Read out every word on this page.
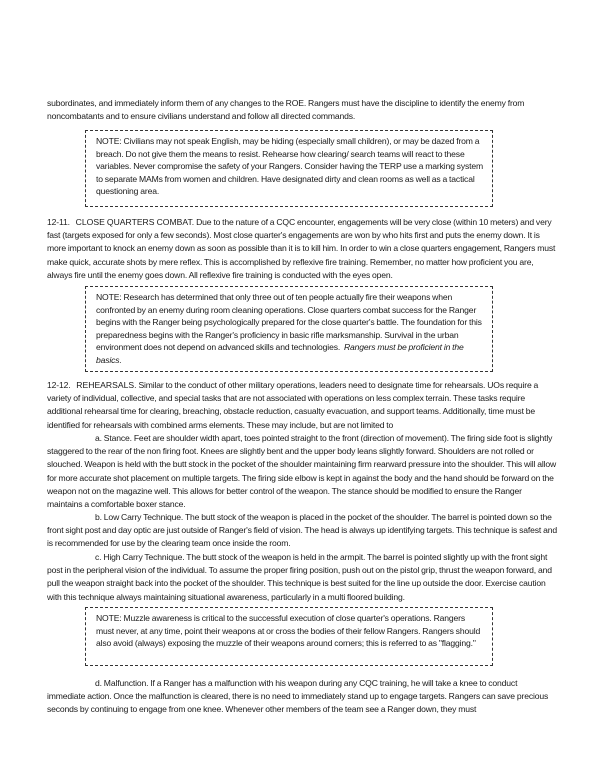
subordinates, and immediately inform them of any changes to the ROE. Rangers must have the discipline to identify the enemy from noncombatants and to ensure civilians understand and follow all directed commands.
NOTE: Civilians may not speak English, may be hiding (especially small children), or may be dazed from a breach. Do not give them the means to resist. Rehearse how clearing/ search teams will react to these variables. Never compromise the safety of your Rangers. Consider having the TERP use a marking system to separate MAMs from women and children. Have designated dirty and clean rooms as well as a tactical questioning area.
12-11. CLOSE QUARTERS COMBAT. Due to the nature of a CQC encounter, engagements will be very close (within 10 meters) and very fast (targets exposed for only a few seconds). Most close quarter's engagements are won by who hits first and puts the enemy down. It is more important to knock an enemy down as soon as possible than it is to kill him. In order to win a close quarters engagement, Rangers must make quick, accurate shots by mere reflex. This is accomplished by reflexive fire training. Remember, no matter how proficient you are, always fire until the enemy goes down. All reflexive fire training is conducted with the eyes open.
NOTE: Research has determined that only three out of ten people actually fire their weapons when confronted by an enemy during room cleaning operations. Close quarters combat success for the Ranger begins with the Ranger being psychologically prepared for the close quarter's battle. The foundation for this preparedness begins with the Ranger's proficiency in basic rifle marksmanship. Survival in the urban environment does not depend on advanced skills and technologies. Rangers must be proficient in the basics.
12-12. REHEARSALS. Similar to the conduct of other military operations, leaders need to designate time for rehearsals. UOs require a variety of individual, collective, and special tasks that are not associated with operations on less complex terrain. These tasks require additional rehearsal time for clearing, breaching, obstacle reduction, casualty evacuation, and support teams. Additionally, time must be identified for rehearsals with combined arms elements. These may include, but are not limited to
a. Stance. Feet are shoulder width apart, toes pointed straight to the front (direction of movement). The firing side foot is slightly staggered to the rear of the non firing foot. Knees are slightly bent and the upper body leans slightly forward. Shoulders are not rolled or slouched. Weapon is held with the butt stock in the pocket of the shoulder maintaining firm rearward pressure into the shoulder. This will allow for more accurate shot placement on multiple targets. The firing side elbow is kept in against the body and the hand should be forward on the weapon not on the magazine well. This allows for better control of the weapon. The stance should be modified to ensure the Ranger maintains a comfortable boxer stance.
b. Low Carry Technique. The butt stock of the weapon is placed in the pocket of the shoulder. The barrel is pointed down so the front sight post and day optic are just outside of Ranger's field of vision. The head is always up identifying targets. This technique is safest and is recommended for use by the clearing team once inside the room.
c. High Carry Technique. The butt stock of the weapon is held in the armpit. The barrel is pointed slightly up with the front sight post in the peripheral vision of the individual. To assume the proper firing position, push out on the pistol grip, thrust the weapon forward, and pull the weapon straight back into the pocket of the shoulder. This technique is best suited for the line up outside the door. Exercise caution with this technique always maintaining situational awareness, particularly in a multi floored building.
NOTE: Muzzle awareness is critical to the successful execution of close quarter's operations. Rangers must never, at any time, point their weapons at or cross the bodies of their fellow Rangers. Rangers should also avoid (always) exposing the muzzle of their weapons around corners; this is referred to as "flagging."
d. Malfunction. If a Ranger has a malfunction with his weapon during any CQC training, he will take a knee to conduct immediate action. Once the malfunction is cleared, there is no need to immediately stand up to engage targets. Rangers can save precious seconds by continuing to engage from one knee. Whenever other members of the team see a Ranger down, they must
